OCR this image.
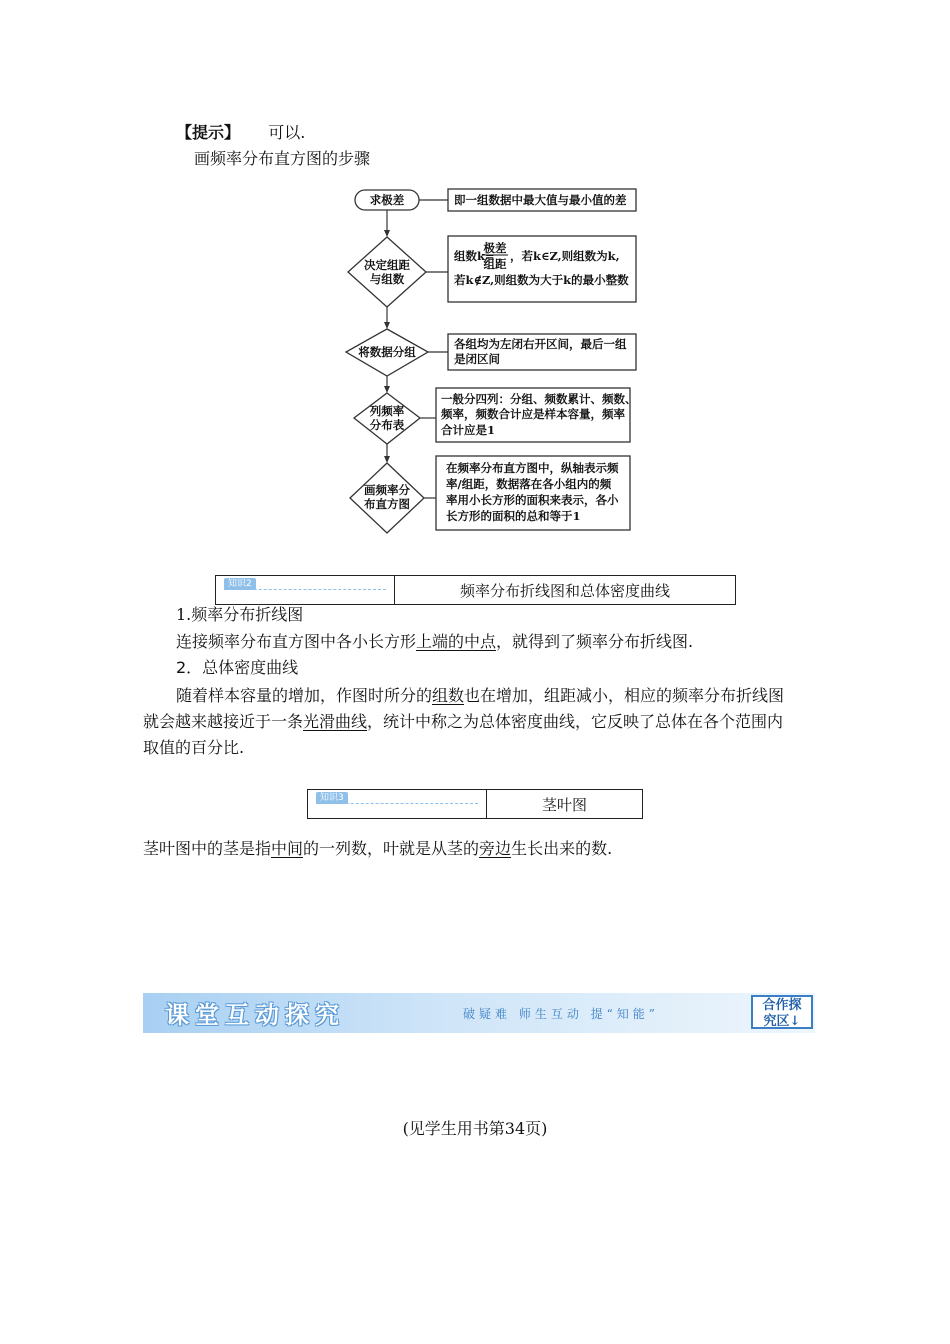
【提示】 可以.
画频率分布直方图的步骤
求极差	即一组数据中最大值与最小值的差
决定组距
与组数
组数k=
极差
组距
，若k∈Z,则组数为k,
若k∉Z,则组数为大于k的最小整数
将数据分组
各组均为左闭右开区间，最后一组
是闭区间
列频率
分布表
一般分四列：分组、频数累计、频数、
频率，频数合计应是样本容量，频率
合计应是1
画频率分
布直方图
在频率分布直方图中，纵轴表示频
率/组距，数据落在各小组内的频
率用小长方形的面积来表示，各小
长方形的面积的总和等于1
知识2	频率分布折线图和总体密度曲线
1.频率分布折线图
连接频率分布直方图中各小长方形上端的中点，就得到了频率分布折线图.
2．总体密度曲线
随着样本容量的增加，作图时所分的组数也在增加，组距减小，相应的频率分布折线图
就会越来越接近于一条光滑曲线，统计中称之为总体密度曲线，它反映了总体在各个范围内
取值的百分比.
知识3	茎叶图
茎叶图中的茎是指中间的一列数，叶就是从茎的旁边生长出来的数.
课堂互动探究	破疑难 师生互动 提“知能”
合作探
究区↓
(见学生用书第34页)
